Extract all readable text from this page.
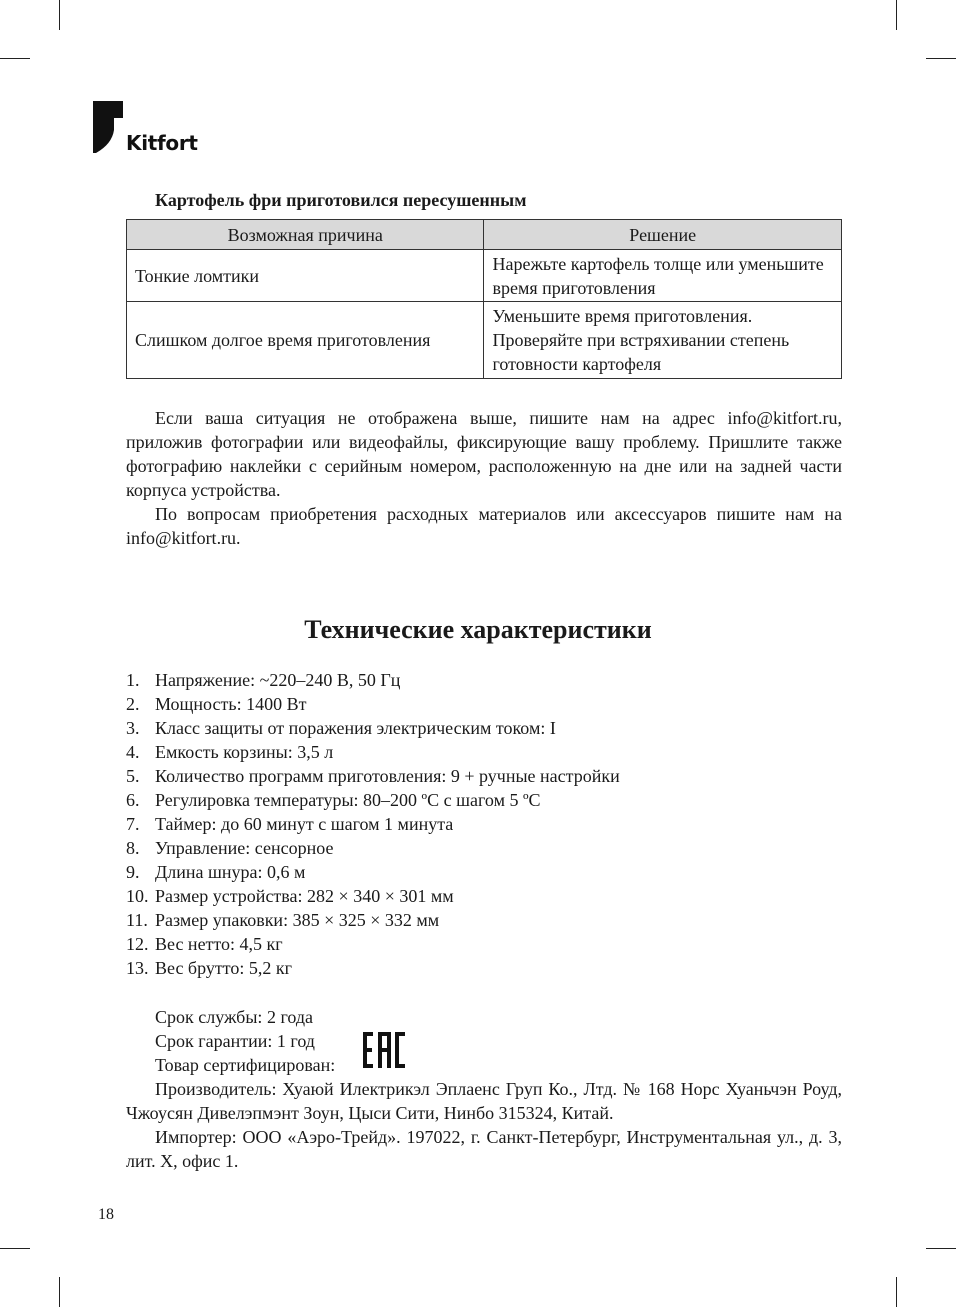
Kitfort
Картофель фри приготовился пересушенным
Возможная причина	Решение
Тонкие ломтики	Нарежьте картофель толще или уменьшите время приготовления
Слишком долгое время приготовления	Уменьшите время приготовления. Проверяйте при встряхивании степень готовности картофеля

Если ваша ситуация не отображена выше, пишите нам на адрес info@kitfort.ru, приложив фотографии или видеофайлы, фиксирующие вашу проблему. Пришлите также фотографию наклейки с серийным номером, расположенную на дне или на задней части корпуса устройства.

По вопросам приобретения расходных материалов или аксессуаров пишите нам на info@kitfort.ru.

Технические характеристики
1. Напряжение: ~220–240 В, 50 Гц
2. Мощность: 1400 Вт
3. Класс защиты от поражения электрическим током: I
4. Емкость корзины: 3,5 л
5. Количество программ приготовления: 9 + ручные настройки
6. Регулировка температуры: 80–200 ºС с шагом 5 ºС
7. Таймер: до 60 минут с шагом 1 минута
8. Управление: сенсорное
9. Длина шнура: 0,6 м
10. Размер устройства: 282 × 340 × 301 мм
11. Размер упаковки: 385 × 325 × 332 мм
12. Вес нетто: 4,5 кг
13. Вес брутто: 5,2 кг

Срок службы: 2 года

Срок гарантии: 1 год

Товар сертифицирован:

Производитель: Хуаюй Илектрикэл Эплаенс Груп Ко., Лтд. № 168 Норс Хуаньчэн Роуд, Чжоусян Дивелэпмэнт Зоун, Цыси Сити, Нинбо 315324, Китай.

Импортер: ООО «Аэро-Трейд». 197022, г. Санкт-Петербург, Инструментальная ул., д. 3, лит. Х, офис 1.

18
